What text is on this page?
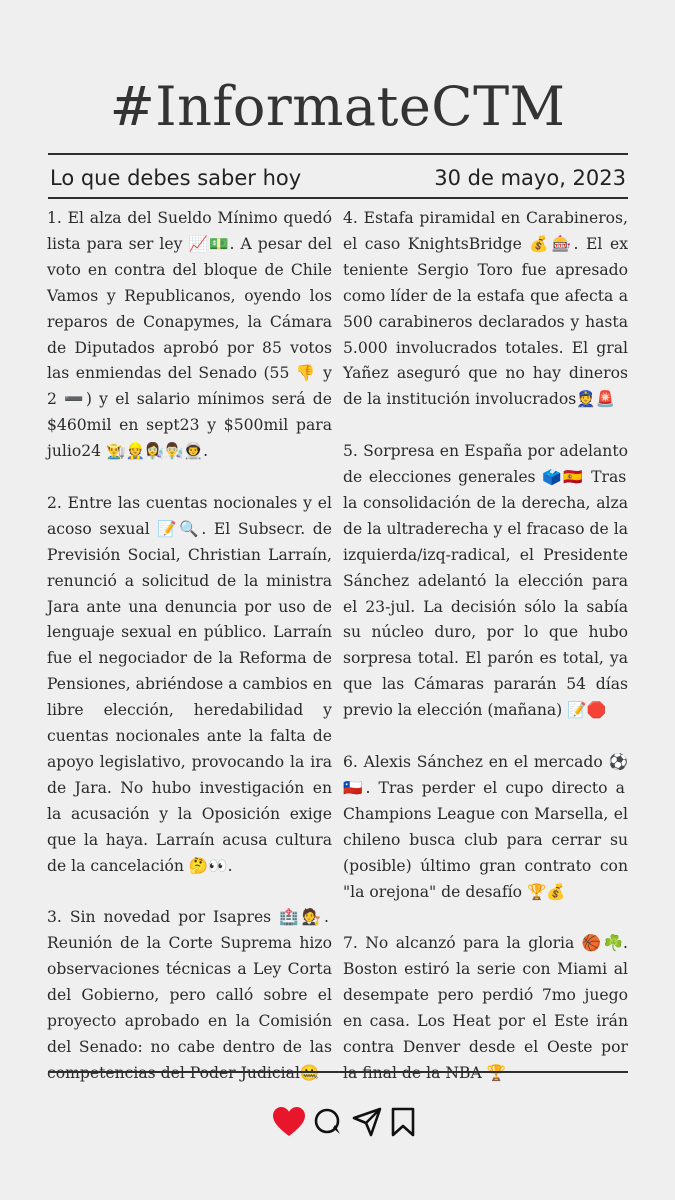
#InformateCTM
Lo que debes saber hoy	30 de mayo, 2023
1. El alza del Sueldo Mínimo quedó lista para ser ley 📈💵. A pesar del voto en contra del bloque de Chile Vamos y Republicanos, oyendo los reparos de Conapymes, la Cámara de Diputados aprobó por 85 votos las enmiendas del Senado (55 👎 y 2 ➖) y el salario mínimos será de $460mil en sept23 y $500mil para julio24 👨‍🌾👷👩‍🔬👨‍🔬👨‍🚀.
2. Entre las cuentas nocionales y el acoso sexual 📝🔍. El Subsecr. de Previsión Social, Christian Larraín, renunció a solicitud de la ministra Jara ante una denuncia por uso de lenguaje sexual en público. Larraín fue el negociador de la Reforma de Pensiones, abriéndose a cambios en libre elección, heredabilidad y cuentas nocionales ante la falta de apoyo legislativo, provocando la ira de Jara. No hubo investigación en la acusación y la Oposición exige que la haya. Larraín acusa cultura de la cancelación 🤔👀.
3. Sin novedad por Isapres 🏥🧑‍⚖️. Reunión de la Corte Suprema hizo observaciones técnicas a Ley Corta del Gobierno, pero calló sobre el proyecto aprobado en la Comisión del Senado: no cabe dentro de las
4. Estafa piramidal en Carabineros, el caso KnightsBridge 💰🎰. El ex teniente Sergio Toro fue apresado como líder de la estafa que afecta a 500 carabineros declarados y hasta 5.000 involucrados totales. El gral Yañez aseguró que no hay dineros de la institución involucrados👮🚨
5. Sorpresa en España por adelanto de elecciones generales 🗳️🇪🇸 Tras la consolidación de la derecha, alza de la ultraderecha y el fracaso de la izquierda/izq-radical, el Presidente Sánchez adelantó la elección para el 23-jul. La decisión sólo la sabía su núcleo duro, por lo que hubo sorpresa total. El parón es total, ya que las Cámaras pararán 54 días previo la elección (mañana) 📝🛑
6. Alexis Sánchez en el mercado ⚽🇨🇱. Tras perder el cupo directo a Champions League con Marsella, el chileno busca club para cerrar su (posible) último gran contrato con "la orejona" de desafío 🏆💰
7. No alcanzó para la gloria 🏀☘️. Boston estiró la serie con Miami al desempate pero perdió 7mo juego en casa. Los Heat por el Este irán contra Denver desde el Oeste por
